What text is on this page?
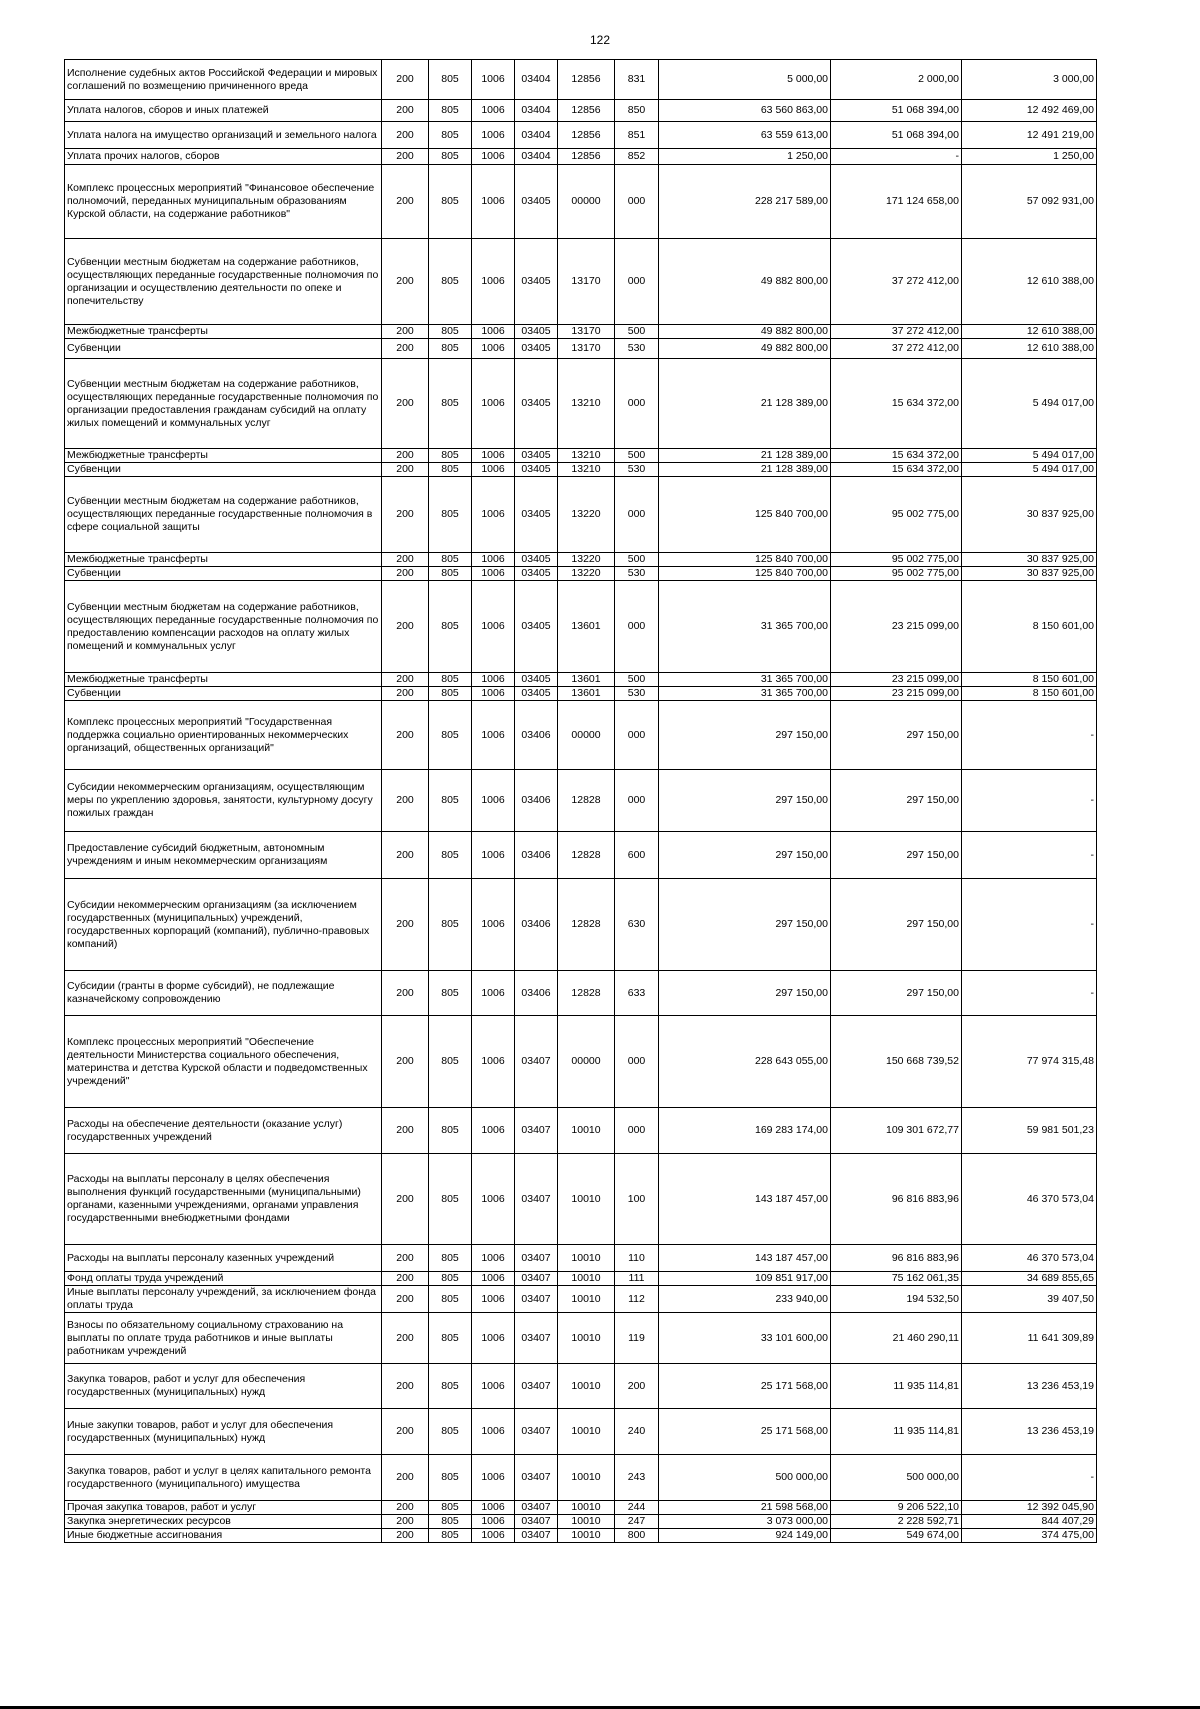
122
Исполнение судебных актов Российской Федерации и мировых соглашений по возмещению причиненного вреда	200	805	1006	03404	12856	831	5 000,00	2 000,00	3 000,00
Уплата налогов, сборов и иных платежей	200	805	1006	03404	12856	850	63 560 863,00	51 068 394,00	12 492 469,00
Уплата налога на имущество организаций и земельного налога	200	805	1006	03404	12856	851	63 559 613,00	51 068 394,00	12 491 219,00
Уплата прочих налогов, сборов	200	805	1006	03404	12856	852	1 250,00	-	1 250,00
Комплекс процессных мероприятий "Финансовое обеспечение полномочий, переданных муниципальным образованиям Курской области, на содержание работников"	200	805	1006	03405	00000	000	228 217 589,00	171 124 658,00	57 092 931,00
Субвенции местным бюджетам на содержание работников, осуществляющих переданные государственные полномочия по организации и осуществлению деятельности по опеке и попечительству	200	805	1006	03405	13170	000	49 882 800,00	37 272 412,00	12 610 388,00
Межбюджетные трансферты	200	805	1006	03405	13170	500	49 882 800,00	37 272 412,00	12 610 388,00
Субвенции	200	805	1006	03405	13170	530	49 882 800,00	37 272 412,00	12 610 388,00
Субвенции местным бюджетам на содержание работников, осуществляющих переданные государственные полномочия по организации предоставления гражданам субсидий на оплату жилых помещений и коммунальных услуг	200	805	1006	03405	13210	000	21 128 389,00	15 634 372,00	5 494 017,00
Межбюджетные трансферты	200	805	1006	03405	13210	500	21 128 389,00	15 634 372,00	5 494 017,00
Субвенции	200	805	1006	03405	13210	530	21 128 389,00	15 634 372,00	5 494 017,00
Субвенции местным бюджетам на содержание работников, осуществляющих переданные государственные полномочия в сфере социальной защиты	200	805	1006	03405	13220	000	125 840 700,00	95 002 775,00	30 837 925,00
Межбюджетные трансферты	200	805	1006	03405	13220	500	125 840 700,00	95 002 775,00	30 837 925,00
Субвенции	200	805	1006	03405	13220	530	125 840 700,00	95 002 775,00	30 837 925,00
Субвенции местным бюджетам на содержание работников, осуществляющих переданные государственные полномочия по предоставлению компенсации расходов на оплату жилых помещений и коммунальных услуг	200	805	1006	03405	13601	000	31 365 700,00	23 215 099,00	8 150 601,00
Межбюджетные трансферты	200	805	1006	03405	13601	500	31 365 700,00	23 215 099,00	8 150 601,00
Субвенции	200	805	1006	03405	13601	530	31 365 700,00	23 215 099,00	8 150 601,00
Комплекс процессных мероприятий "Государственная поддержка социально ориентированных некоммерческих организаций, общественных организаций"	200	805	1006	03406	00000	000	297 150,00	297 150,00	-
Субсидии некоммерческим организациям, осуществляющим меры по укреплению здоровья, занятости, культурному досугу пожилых граждан	200	805	1006	03406	12828	000	297 150,00	297 150,00	-
Предоставление субсидий бюджетным, автономным учреждениям и иным некоммерческим организациям	200	805	1006	03406	12828	600	297 150,00	297 150,00	-
Субсидии некоммерческим организациям (за исключением государственных (муниципальных) учреждений, государственных корпораций (компаний), публично-правовых компаний)	200	805	1006	03406	12828	630	297 150,00	297 150,00	-
Субсидии (гранты в форме субсидий), не подлежащие казначейскому сопровождению	200	805	1006	03406	12828	633	297 150,00	297 150,00	-
Комплекс процессных мероприятий "Обеспечение деятельности Министерства социального обеспечения, материнства и детства Курской области и подведомственных учреждений"	200	805	1006	03407	00000	000	228 643 055,00	150 668 739,52	77 974 315,48
Расходы на обеспечение деятельности (оказание услуг) государственных учреждений	200	805	1006	03407	10010	000	169 283 174,00	109 301 672,77	59 981 501,23
Расходы на выплаты персоналу в целях обеспечения выполнения функций государственными (муниципальными) органами, казенными учреждениями, органами управления государственными внебюджетными фондами	200	805	1006	03407	10010	100	143 187 457,00	96 816 883,96	46 370 573,04
Расходы на выплаты персоналу казенных учреждений	200	805	1006	03407	10010	110	143 187 457,00	96 816 883,96	46 370 573,04
Фонд оплаты труда учреждений	200	805	1006	03407	10010	111	109 851 917,00	75 162 061,35	34 689 855,65
Иные выплаты персоналу учреждений, за исключением фонда оплаты труда	200	805	1006	03407	10010	112	233 940,00	194 532,50	39 407,50
Взносы по обязательному социальному страхованию на выплаты по оплате труда работников и иные выплаты работникам учреждений	200	805	1006	03407	10010	119	33 101 600,00	21 460 290,11	11 641 309,89
Закупка товаров, работ и услуг для обеспечения государственных (муниципальных) нужд	200	805	1006	03407	10010	200	25 171 568,00	11 935 114,81	13 236 453,19
Иные закупки товаров, работ и услуг для обеспечения государственных (муниципальных) нужд	200	805	1006	03407	10010	240	25 171 568,00	11 935 114,81	13 236 453,19
Закупка товаров, работ и услуг в целях капитального ремонта государственного (муниципального) имущества	200	805	1006	03407	10010	243	500 000,00	500 000,00	-
Прочая закупка товаров, работ и услуг	200	805	1006	03407	10010	244	21 598 568,00	9 206 522,10	12 392 045,90
Закупка энергетических ресурсов	200	805	1006	03407	10010	247	3 073 000,00	2 228 592,71	844 407,29
Иные бюджетные ассигнования	200	805	1006	03407	10010	800	924 149,00	549 674,00	374 475,00
